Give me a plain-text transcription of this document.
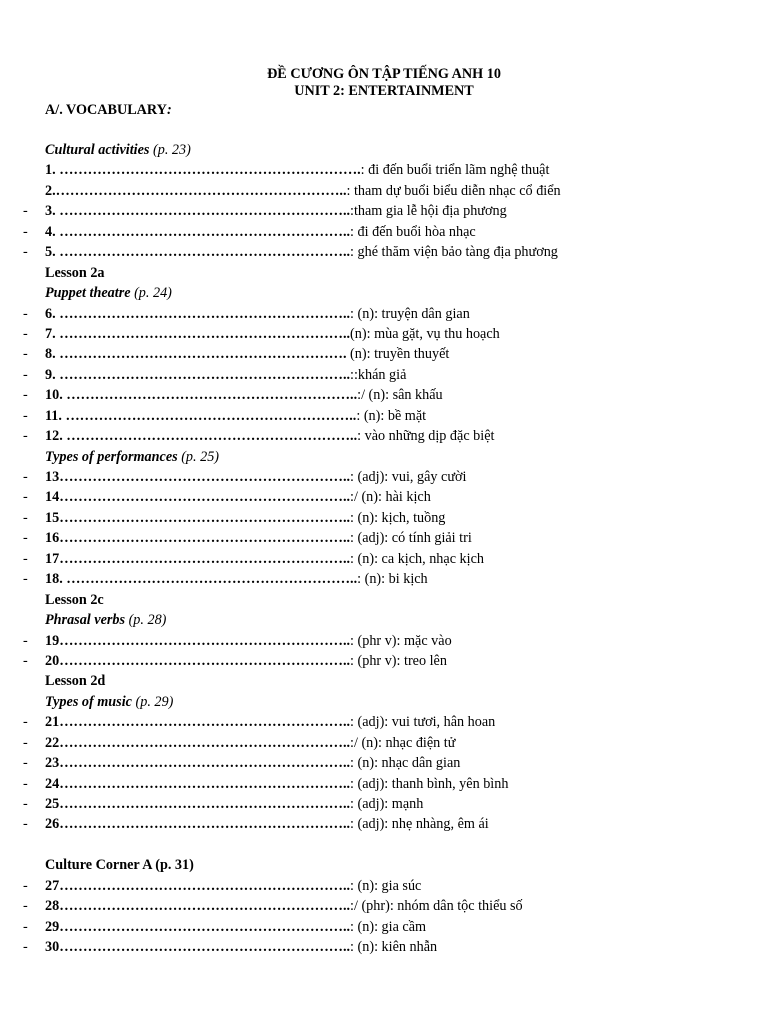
ĐỀ CƯƠNG ÔN TẬP TIẾNG ANH 10
UNIT 2: ENTERTAINMENT
A/. VOCABULARY:
Cultural activities (p. 23)
1. ……………………………………………………….: đi đến buổi triển lãm nghệ thuật
2.……………………………………………………..: tham dự buổi biểu diễn nhạc cổ điển
- 3. ……………………………………………………..:tham gia lễ hội địa phương
- 4. ……………………………………………………..: đi đến buổi hòa nhạc
- 5. ……………………………………………………..: ghé thăm viện bảo tàng địa phương
Lesson 2a
Puppet theatre (p. 24)
- 6. ……………………………………………………..: (n): truyện dân gian
- 7. ……………………………………………………..(n): mùa gặt, vụ thu hoạch
- 8. ……………………………………………………. (n): truyền thuyết
- 9. ……………………………………………………..::khán giả
- 10. ……………………………………………………..:/ (n): sân khấu
- 11. ……………………………………………………..: (n): bề mặt
- 12. ……………………………………………………..: vào những dịp đặc biệt
Types of performances (p. 25)
- 13……………………………………………………..: (adj): vui, gây cười
- 14……………………………………………………..:/ (n): hài kịch
- 15……………………………………………………..: (n): kịch, tuồng
- 16……………………………………………………..: (adj): có tính giải tri
- 17……………………………………………………..: (n): ca kịch, nhạc kịch
- 18. ……………………………………………………..: (n): bi kịch
Lesson 2c
Phrasal verbs (p. 28)
- 19……………………………………………………..: (phr v): mặc vào
- 20……………………………………………………..: (phr v): treo lên
Lesson 2d
Types of music (p. 29)
- 21……………………………………………………..: (adj): vui tươi, hân hoan
- 22……………………………………………………..:/ (n): nhạc điện tử
- 23……………………………………………………..: (n): nhạc dân gian
- 24……………………………………………………..: (adj): thanh bình, yên bình
- 25……………………………………………………..: (adj): mạnh
- 26……………………………………………………..: (adj): nhẹ nhàng, êm ái
Culture Corner A (p. 31)
- 27……………………………………………………..: (n): gia súc
- 28……………………………………………………..:/ (phr): nhóm dân tộc thiểu số
- 29……………………………………………………..: (n): gia cầm
- 30……………………………………………………..: (n): kiên nhẫn
